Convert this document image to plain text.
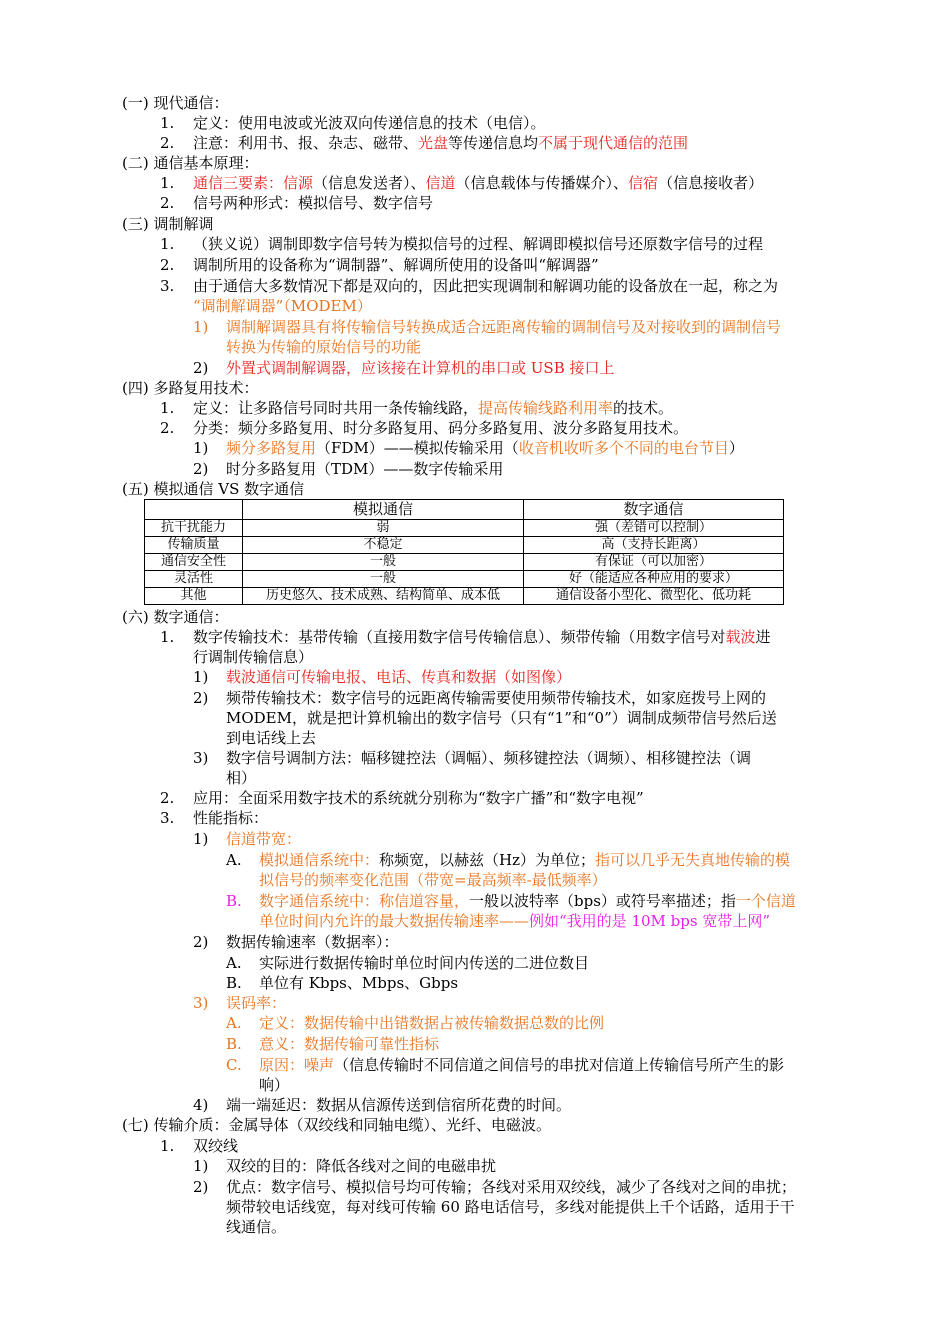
(一) 现代通信：
1. 定义：使用电波或光波双向传递信息的技术（电信）。
2. 注意：利用书、报、杂志、磁带、光盘等传递信息均不属于现代通信的范围
(二) 通信基本原理：
1. 通信三要素：信源（信息发送者）、信道（信息载体与传播媒介）、信宿（信息接收者）
2. 信号两种形式：模拟信号、数字信号
(三) 调制解调
1. （狭义说）调制即数字信号转为模拟信号的过程、解调即模拟信号还原数字信号的过程
2. 调制所用的设备称为“调制器”、解调所使用的设备叫“解调器”
3. 由于通信大多数情况下都是双向的，因此把实现调制和解调功能的设备放在一起，称之为
“调制解调器”（MODEM）
1) 调制解调器具有将传输信号转换成适合远距离传输的调制信号及对接收到的调制信号
转换为传输的原始信号的功能
2) 外置式调制解调器，应该接在计算机的串口或 USB 接口上
(四) 多路复用技术：
1. 定义：让多路信号同时共用一条传输线路，提高传输线路利用率的技术。
2. 分类：频分多路复用、时分多路复用、码分多路复用、波分多路复用技术。
1) 频分多路复用（FDM）——模拟传输采用（收音机收听多个不同的电台节目）
2) 时分多路复用（TDM）——数字传输采用
(五) 模拟通信 VS 数字通信
	模拟通信	数字通信
抗干扰能力	弱	强（差错可以控制）
传输质量	不稳定	高（支持长距离）
通信安全性	一般	有保证（可以加密）
灵活性	一般	好（能适应各种应用的要求）
其他	历史悠久、技术成熟、结构简单、成本低	通信设备小型化、微型化、低功耗
(六) 数字通信：
1. 数字传输技术：基带传输（直接用数字信号传输信息）、频带传输（用数字信号对载波进
行调制传输信息）
1) 载波通信可传输电报、电话、传真和数据（如图像）
2) 频带传输技术：数字信号的远距离传输需要使用频带传输技术，如家庭拨号上网的
MODEM，就是把计算机输出的数字信号（只有“1”和“0”）调制成频带信号然后送
到电话线上去
3) 数字信号调制方法：幅移键控法（调幅）、频移键控法（调频）、相移键控法（调
相）
2. 应用：全面采用数字技术的系统就分别称为“数字广播”和“数字电视”
3. 性能指标：
1) 信道带宽：
A. 模拟通信系统中：称频宽，以赫兹（Hz）为单位；指可以几乎无失真地传输的模
拟信号的频率变化范围（带宽=最高频率-最低频率）
B. 数字通信系统中：称信道容量，一般以波特率（bps）或符号率描述；指一个信道
单位时间内允许的最大数据传输速率——例如“我用的是 10M bps 宽带上网”
2) 数据传输速率（数据率）：
A. 实际进行数据传输时单位时间内传送的二进位数目
B. 单位有 Kbps、Mbps、Gbps
3) 误码率：
A. 定义：数据传输中出错数据占被传输数据总数的比例
B. 意义：数据传输可靠性指标
C. 原因：噪声（信息传输时不同信道之间信号的串扰对信道上传输信号所产生的影
响）
4) 端一端延迟：数据从信源传送到信宿所花费的时间。
(七) 传输介质：金属导体（双绞线和同轴电缆）、光纤、电磁波。
1. 双绞线
1) 双绞的目的：降低各线对之间的电磁串扰
2) 优点：数字信号、模拟信号均可传输；各线对采用双绞线，减少了各线对之间的串扰；
频带较电话线宽，每对线可传输 60 路电话信号，多线对能提供上千个话路，适用于干
线通信。
